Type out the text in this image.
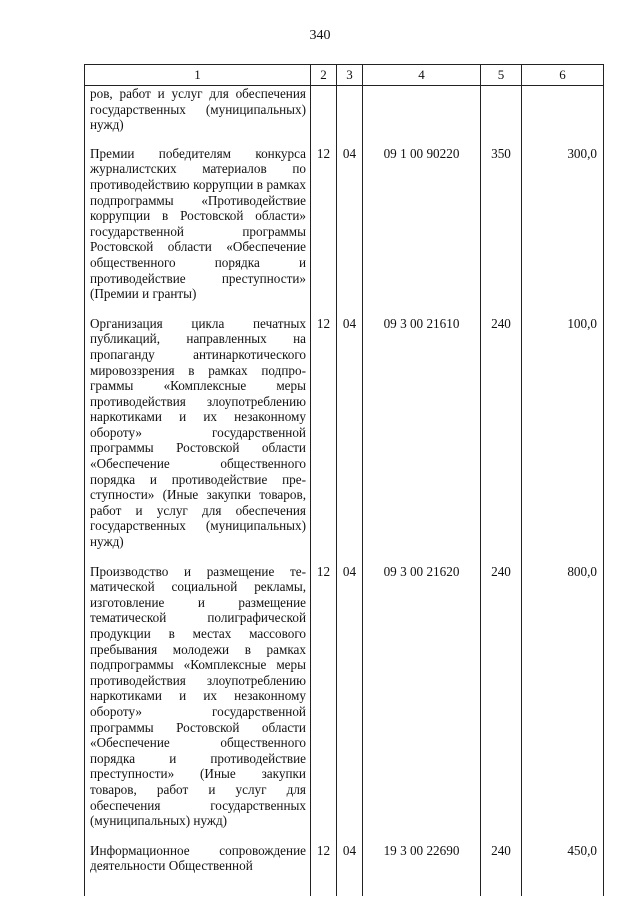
340
1	2	3	4	5	6
ров, работ и услуг для обеспечения государственных (муниципальных) нужд)					
Премии победителям конкурса журналистских материалов по противодействию коррупции в рамках подпрограммы «Противодействие коррупции в Ростовской области» государственной программы Ростовской области «Обеспечение общественного порядка и противодействие преступности» (Премии и гранты)	12	04	09 1 00 90220	350	300,0
Организация цикла печатных публикаций, направленных на пропаганду антинаркотического мировоззрения в рамках подпрограммы «Комплексные меры противодействия злоупотреблению наркотиками и их незаконному обороту» государственной программы Ростовской области «Обеспечение общественного порядка и противодействие преступности» (Иные закупки товаров, работ и услуг для обеспечения государственных (муниципальных) нужд)	12	04	09 3 00 21610	240	100,0
Производство и размещение тематической социальной рекламы, изготовление и размещение тематической полиграфической продукции в местах массового пребывания молодежи в рамках подпрограммы «Комплексные меры противодействия злоупотреблению наркотиками и их незаконному обороту» государственной программы Ростовской области «Обеспечение общественного порядка и противодействие преступности» (Иные закупки товаров, работ и услуг для обеспечения государственных (муниципальных) нужд)	12	04	09 3 00 21620	240	800,0
Информационное сопровождение деятельности Общественной	12	04	19 3 00 22690	240	450,0
